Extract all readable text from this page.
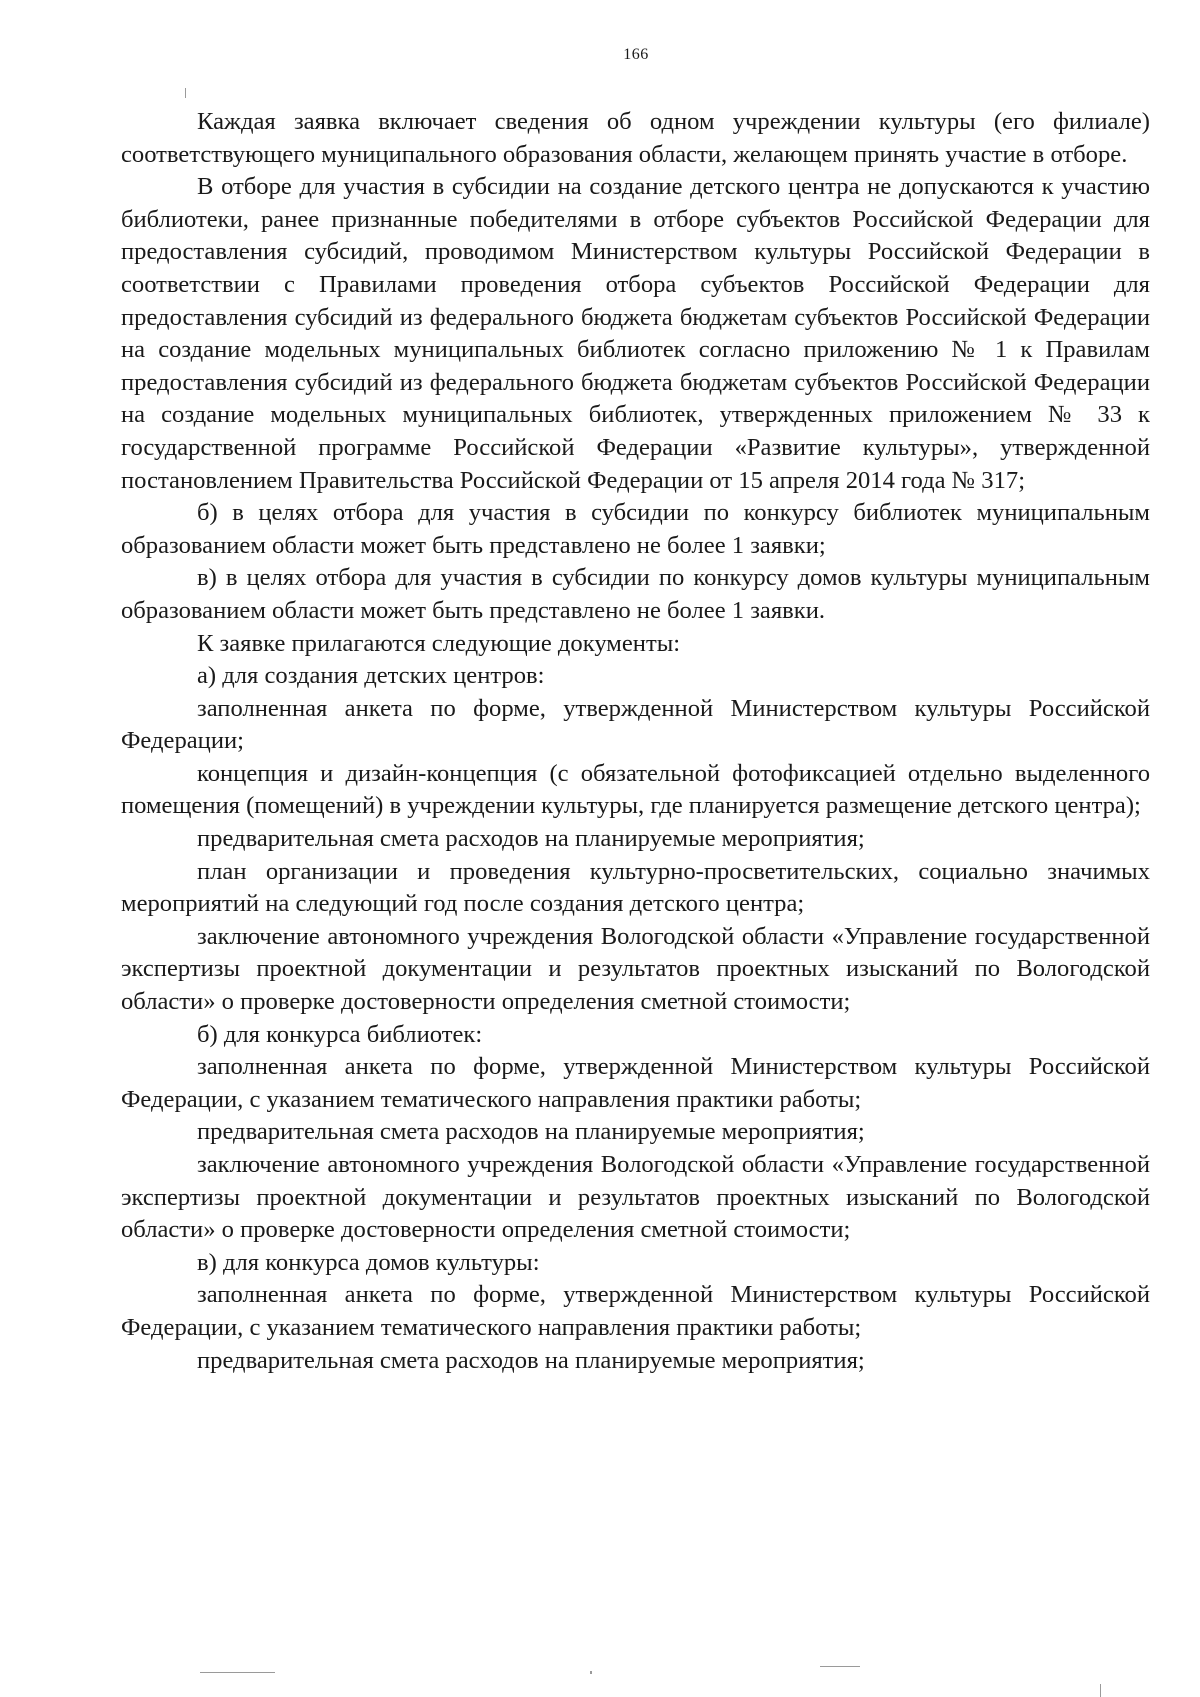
166

Каждая заявка включает сведения об одном учреждении культуры (его филиале) соответствующего муниципального образования области, желающем принять участие в отборе.

В отборе для участия в субсидии на создание детского центра не допускаются к участию библиотеки, ранее признанные победителями в отборе субъектов Российской Федерации для предоставления субсидий, проводимом Министерством культуры Российской Федерации в соответствии с Правилами проведения отбора субъектов Российской Федерации для предоставления субсидий из федерального бюджета бюджетам субъектов Российской Федерации на создание модельных муниципальных библиотек согласно приложению № 1 к Правилам предоставления субсидий из федерального бюджета бюджетам субъектов Российской Федерации на создание модельных муниципальных библиотек, утвержденных приложением № 33 к государственной программе Российской Федерации «Развитие культуры», утвержденной постановлением Правительства Российской Федерации от 15 апреля 2014 года № 317;

б) в целях отбора для участия в субсидии по конкурсу библиотек муниципальным образованием области может быть представлено не более 1 заявки;

в) в целях отбора для участия в субсидии по конкурсу домов культуры муниципальным образованием области может быть представлено не более 1 заявки.

К заявке прилагаются следующие документы:

а) для создания детских центров:

заполненная анкета по форме, утвержденной Министерством культуры Российской Федерации;

концепция и дизайн-концепция (с обязательной фотофиксацией отдельно выделенного помещения (помещений) в учреждении культуры, где планируется размещение детского центра);

предварительная смета расходов на планируемые мероприятия;

план организации и проведения культурно-просветительских, социально значимых мероприятий на следующий год после создания детского центра;

заключение автономного учреждения Вологодской области «Управление государственной экспертизы проектной документации и результатов проектных изысканий по Вологодской области» о проверке достоверности определения сметной стоимости;

б) для конкурса библиотек:

заполненная анкета по форме, утвержденной Министерством культуры Российской Федерации, с указанием тематического направления практики работы;

предварительная смета расходов на планируемые мероприятия;

заключение автономного учреждения Вологодской области «Управление государственной экспертизы проектной документации и результатов проектных изысканий по Вологодской области» о проверке достоверности определения сметной стоимости;

в) для конкурса домов культуры:

заполненная анкета по форме, утвержденной Министерством культуры Российской Федерации, с указанием тематического направления практики работы;

предварительная смета расходов на планируемые мероприятия;
